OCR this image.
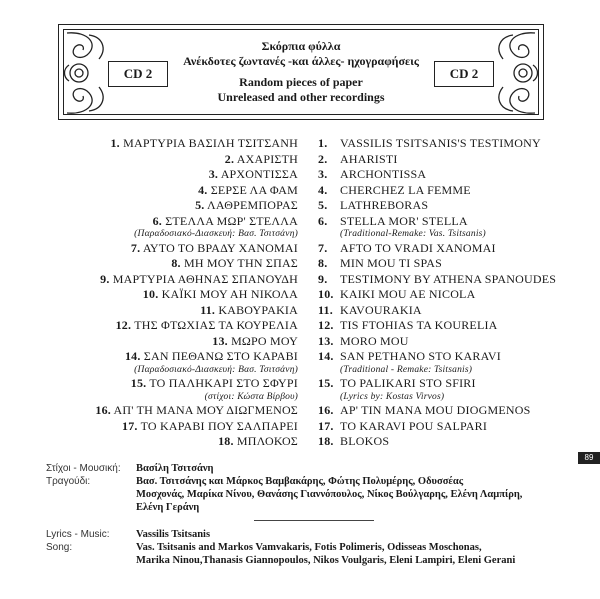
CD 2	CD 2
Σκόρπια φύλλα
Ανέκδοτες ζωντανές -και άλλες- ηχογραφήσεις
Random pieces of paper
Unreleased and other recordings
1. ΜΑΡΤΥΡΙΑ ΒΑΣΙΛΗ ΤΣΙΤΣΑΝΗ
2. ΑΧΑΡΙΣΤΗ
3. ΑΡΧΟΝΤΙΣΣΑ
4. ΣΕΡΣΕ ΛΑ ΦΑΜ
5. ΛΑΘΡΕΜΠΟΡΑΣ
6. ΣΤΕΛΛΑ ΜΩΡ' ΣΤΕΛΛΑ
(Παραδοσιακό-Διασκευή: Βασ. Τσιτσάνη)
7. ΑΥΤΟ ΤΟ ΒΡΑΔΥ ΧΑΝΟΜΑΙ
8. ΜΗ ΜΟΥ ΤΗΝ ΣΠΑΣ
9. ΜΑΡΤΥΡΙΑ ΑΘΗΝΑΣ ΣΠΑΝΟΥΔΗ
10. ΚΑΪΚΙ ΜΟΥ ΑΗ ΝΙΚΟΛΑ
11. ΚΑΒΟΥΡΑΚΙΑ
12. ΤΗΣ ΦΤΩΧΙΑΣ ΤΑ ΚΟΥΡΕΛΙΑ
13. ΜΩΡΟ ΜΟΥ
14. ΣΑΝ ΠΕΘΑΝΩ ΣΤΟ ΚΑΡΑΒΙ
(Παραδοσιακό-Διασκευή: Βασ. Τσιτσάνη)
15. ΤΟ ΠΑΛΗΚΑΡΙ ΣΤΟ ΣΦΥΡΙ
(στίχοι: Κώστα Βίρβου)
16. ΑΠ' ΤΗ ΜΑΝΑ ΜΟΥ ΔΙΩΓΜΕΝΟΣ
17. ΤΟ ΚΑΡΑΒΙ ΠΟΥ ΣΑΛΠΑΡΕΙ
18. ΜΠΛΟΚΟΣ
1. VASSILIS TSITSANIS'S TESTIMONY
2. AHARISTI
3. ARCHONTISSA
4. CHERCHEZ LA FEMME
5. LATHREBORAS
6. STELLA MOR' STELLA
(Traditional-Remake: Vas. Tsitsanis)
7. AFTO TO VRADI XANOMAI
8. MIN MOU TI SPAS
9. TESTIMONY BY ATHENA SPANOUDES
10. KAIKI MOU AE NICOLA
11. KAVOURAKIA
12. TIS FTOHIAS TA KOURELIA
13. MORO MOU
14. SAN PETHANO STO KARAVI
(Traditional - Remake: Tsitsanis)
15. TO PALIKARI STO SFIRI
(Lyrics by: Kostas Virvos)
16. AP' TIN MANA MOU DIOGMENOS
17. TO KARAVI POU SALPARI
18. BLOKOS
89
Στίχοι - Μουσική:	Βασίλη Τσιτσάνη
Τραγούδι:	Βασ. Τσιτσάνης και Μάρκος Βαμβακάρης, Φώτης Πολυμέρης, Οδυσσέας
Μοσχονάς, Μαρίκα Νίνου, Θανάσης Γιαννόπουλος, Νίκος Βούλγαρης, Ελένη Λαμπίρη,
Ελένη Γεράνη
Lyrics - Music:	Vassilis Tsitsanis
Song:	Vas. Tsitsanis and Markos Vamvakaris, Fotis Polimeris, Odisseas Moschonas,
Marika Ninou,Thanasis Giannopoulos, Nikos Voulgaris, Eleni Lampiri, Eleni Gerani
